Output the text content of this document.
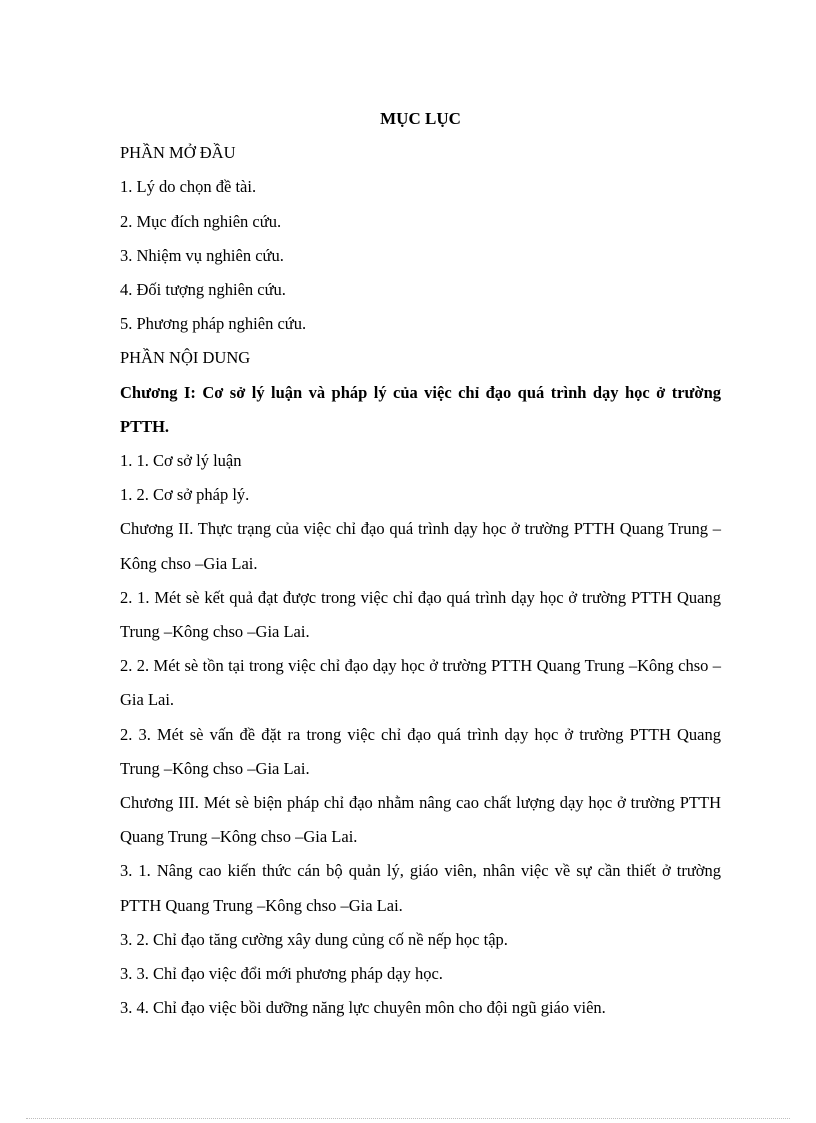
MỤC LỤC

PHẦN MỞ ĐẦU

1. Lý do chọn đề tài.

2. Mục đích nghiên cứu.

3. Nhiệm vụ nghiên cứu.

4. Đối tượng nghiên cứu.

5. Phương pháp nghiên cứu.

PHẦN NỘI DUNG

Chương I: Cơ sở lý luận và pháp lý của việc chỉ đạo quá trình dạy học ở trường PTTH.

1. 1. Cơ sở lý luận

1. 2. Cơ sở pháp lý.

Chương II. Thực trạng của việc chỉ đạo quá trình dạy học ở trường PTTH Quang Trung –Kông chso –Gia Lai.

2. 1. Mét sè kết quả đạt được trong việc chỉ đạo quá trình dạy học ở trường PTTH Quang Trung –Kông chso –Gia Lai.

2. 2. Mét sè tồn tại trong việc chỉ đạo dạy học ở trường PTTH Quang Trung –Kông chso –Gia Lai.

2. 3. Mét sè vấn đề đặt ra trong việc chỉ đạo quá trình dạy học ở trường PTTH Quang Trung –Kông chso –Gia Lai.

Chương III. Mét sè biện pháp chỉ đạo nhằm nâng cao chất lượng dạy học ở trường PTTH Quang Trung –Kông chso –Gia Lai.

3. 1. Nâng cao kiến thức cán bộ quản lý, giáo viên, nhân việc về sự cần thiết ở trường PTTH Quang Trung –Kông chso –Gia Lai.

3. 2. Chỉ đạo tăng cường xây dung củng cố nề nếp học tập.

3. 3. Chỉ đạo việc đổi mới phương pháp dạy học.

3. 4. Chỉ đạo việc bồi dưỡng năng lực chuyên môn cho đội ngũ giáo viên.
